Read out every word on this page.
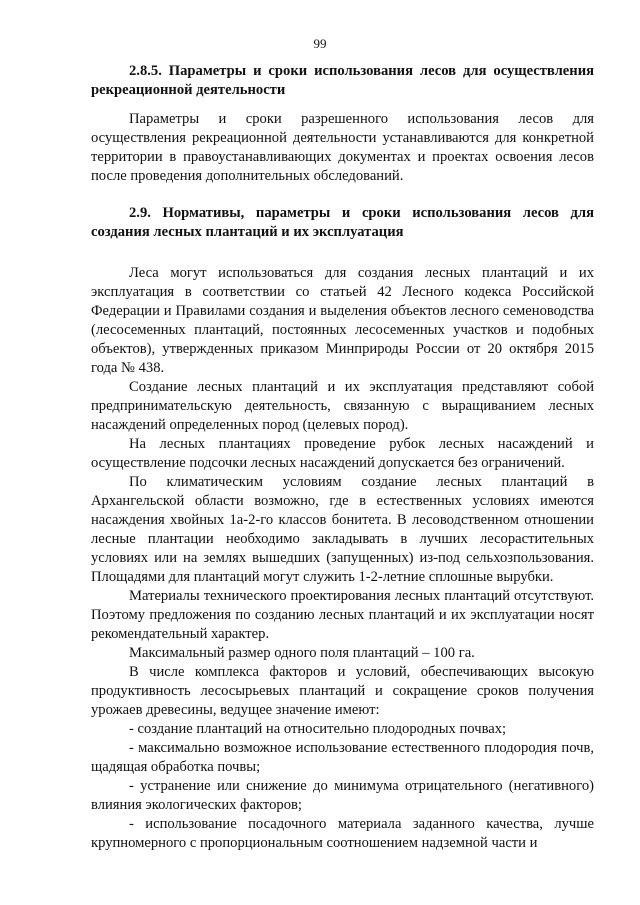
99
2.8.5. Параметры и сроки использования лесов для осуществления рекреационной деятельности
Параметры и сроки разрешенного использования лесов для осуществления рекреационной деятельности устанавливаются для конкретной территории в правоустанавливающих документах и проектах освоения лесов после проведения дополнительных обследований.
2.9. Нормативы, параметры и сроки использования лесов для создания лесных плантаций и их эксплуатация

Леса могут использоваться для создания лесных плантаций и их эксплуатация в соответствии со статьей 42 Лесного кодекса Российской Федерации и Правилами создания и выделения объектов лесного семеноводства (лесосеменных плантаций, постоянных лесосеменных участков и подобных объектов), утвержденных приказом Минприроды России от 20 октября 2015 года № 438.

Создание лесных плантаций и их эксплуатация представляют собой предпринимательскую деятельность, связанную с выращиванием лесных насаждений определенных пород (целевых пород).

На лесных плантациях проведение рубок лесных насаждений и осуществление подсочки лесных насаждений допускается без ограничений.

По климатическим условиям создание лесных плантаций в Архангельской области возможно, где в естественных условиях имеются насаждения хвойных 1а-2-го классов бонитета. В лесоводственном отношении лесные плантации необходимо закладывать в лучших лесорастительных условиях или на землях вышедших (запущенных) из-под сельхозпользования. Площадями для плантаций могут служить 1-2-летние сплошные вырубки.

Материалы технического проектирования лесных плантаций отсутствуют. Поэтому предложения по созданию лесных плантаций и их эксплуатации носят рекомендательный характер.

Максимальный размер одного поля плантаций – 100 га.

В числе комплекса факторов и условий, обеспечивающих высокую продуктивность лесосырьевых плантаций и сокращение сроков получения урожаев древесины, ведущее значение имеют:

- создание плантаций на относительно плодородных почвах;

- максимально возможное использование естественного плодородия почв, щадящая обработка почвы;

- устранение или снижение до минимума отрицательного (негативного) влияния экологических факторов;

- использование посадочного материала заданного качества, лучше крупномерного с пропорциональным соотношением надземной части и
